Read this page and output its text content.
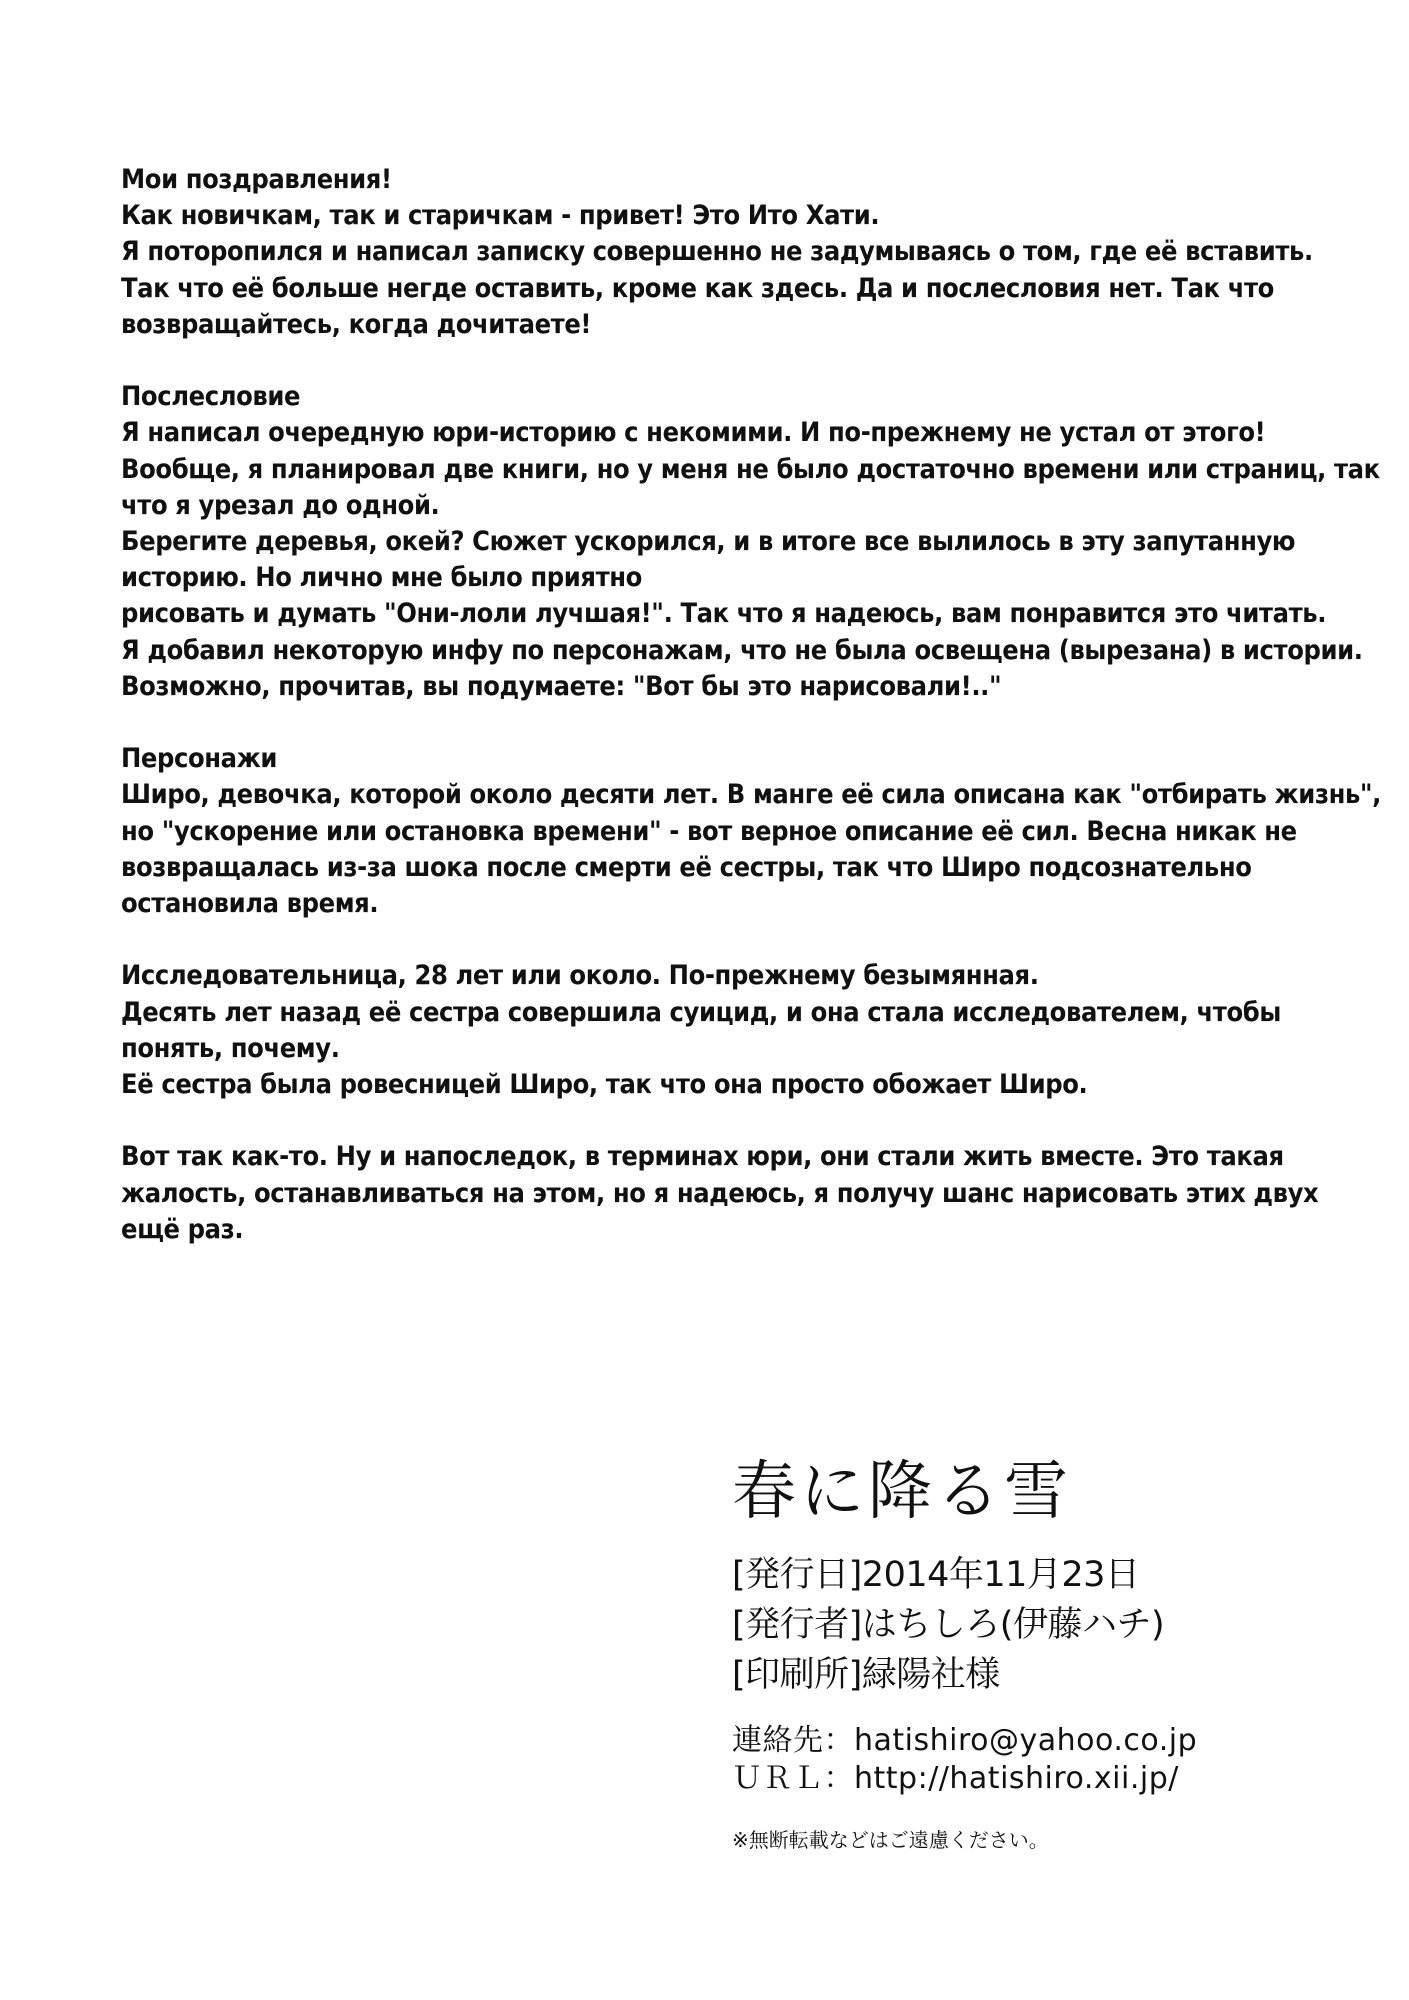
Мои поздравления!
Как новичкам, так и старичкам - привет! Это Ито Хати.
Я поторопился и написал записку совершенно не задумываясь о том, где её вставить.
Так что её больше негде оставить, кроме как здесь. Да и послесловия нет. Так что
возвращайтесь, когда дочитаете!
Послесловие
Я написал очередную юри-историю с некомими. И по-прежнему не устал от этого!
Вообще, я планировал две книги, но у меня не было достаточно времени или страниц, так
что я урезал до одной.
Берегите деревья, окей? Сюжет ускорился, и в итоге все вылилось в эту запутанную
историю. Но лично мне было приятно
рисовать и думать "Они-лоли лучшая!". Так что я надеюсь, вам понравится это читать.
Я добавил некоторую инфу по персонажам, что не была освещена (вырезана) в истории.
Возможно, прочитав, вы подумаете: "Вот бы это нарисовали!.."
Персонажи
Широ, девочка, которой около десяти лет. В манге её сила описана как "отбирать жизнь",
но "ускорение или остановка времени" - вот верное описание её сил. Весна никак не
возвращалась из-за шока после смерти её сестры, так что Широ подсознательно
остановила время.
Исследовательница, 28 лет или около. По-прежнему безымянная.
Десять лет назад её сестра совершила суицид, и она стала исследователем, чтобы
понять, почему.
Её сестра была ровесницей Широ, так что она просто обожает Широ.
Вот так как-то. Ну и напоследок, в терминах юри, они стали жить вместе. Это такая
жалость, останавливаться на этом, но я надеюсь, я получу шанс нарисовать этих двух
ещё раз.
春に降る雪
[発行日]2014年11月23日
[発行者]はちしろ(伊藤ハチ)
[印刷所]緑陽社様
連絡先：hatishiro@yahoo.co.jp
ＵＲＬ：http://hatishiro.xii.jp/
※無断転載などはご遠慮ください。
